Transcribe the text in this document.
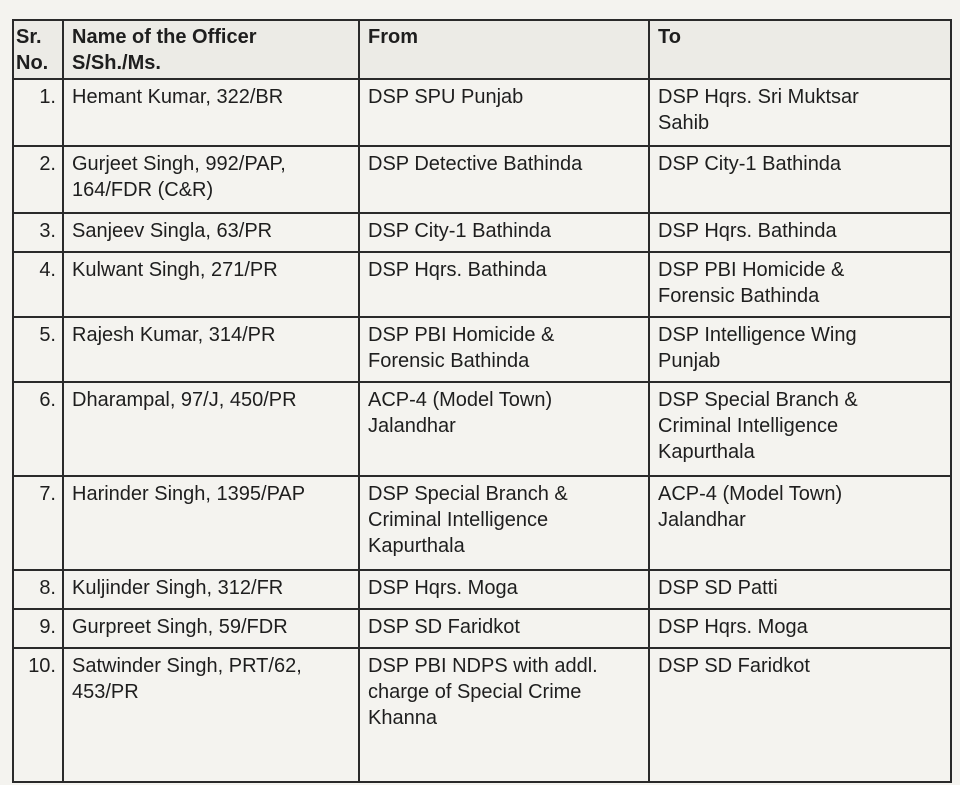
Sr.
No.	Name of the Officer
S/Sh./Ms.	From	To
1.	Hemant Kumar, 322/BR	DSP SPU Punjab	DSP Hqrs. Sri Muktsar
Sahib
2.	Gurjeet Singh, 992/PAP,
164/FDR (C&R)	DSP Detective Bathinda	DSP City-1 Bathinda
3.	Sanjeev Singla, 63/PR	DSP City-1 Bathinda	DSP Hqrs. Bathinda
4.	Kulwant Singh, 271/PR	DSP Hqrs. Bathinda	DSP PBI Homicide &
Forensic Bathinda
5.	Rajesh Kumar, 314/PR	DSP PBI Homicide &
Forensic Bathinda	DSP Intelligence Wing
Punjab
6.	Dharampal, 97/J, 450/PR	ACP-4 (Model Town)
Jalandhar	DSP Special Branch &
Criminal Intelligence
Kapurthala
7.	Harinder Singh, 1395/PAP	DSP Special Branch &
Criminal Intelligence
Kapurthala	ACP-4 (Model Town)
Jalandhar
8.	Kuljinder Singh, 312/FR	DSP Hqrs. Moga	DSP SD Patti
9.	Gurpreet Singh, 59/FDR	DSP SD Faridkot	DSP Hqrs. Moga
10.	Satwinder Singh, PRT/62,
453/PR	DSP PBI NDPS with addl.
charge of Special Crime
Khanna	DSP SD Faridkot
